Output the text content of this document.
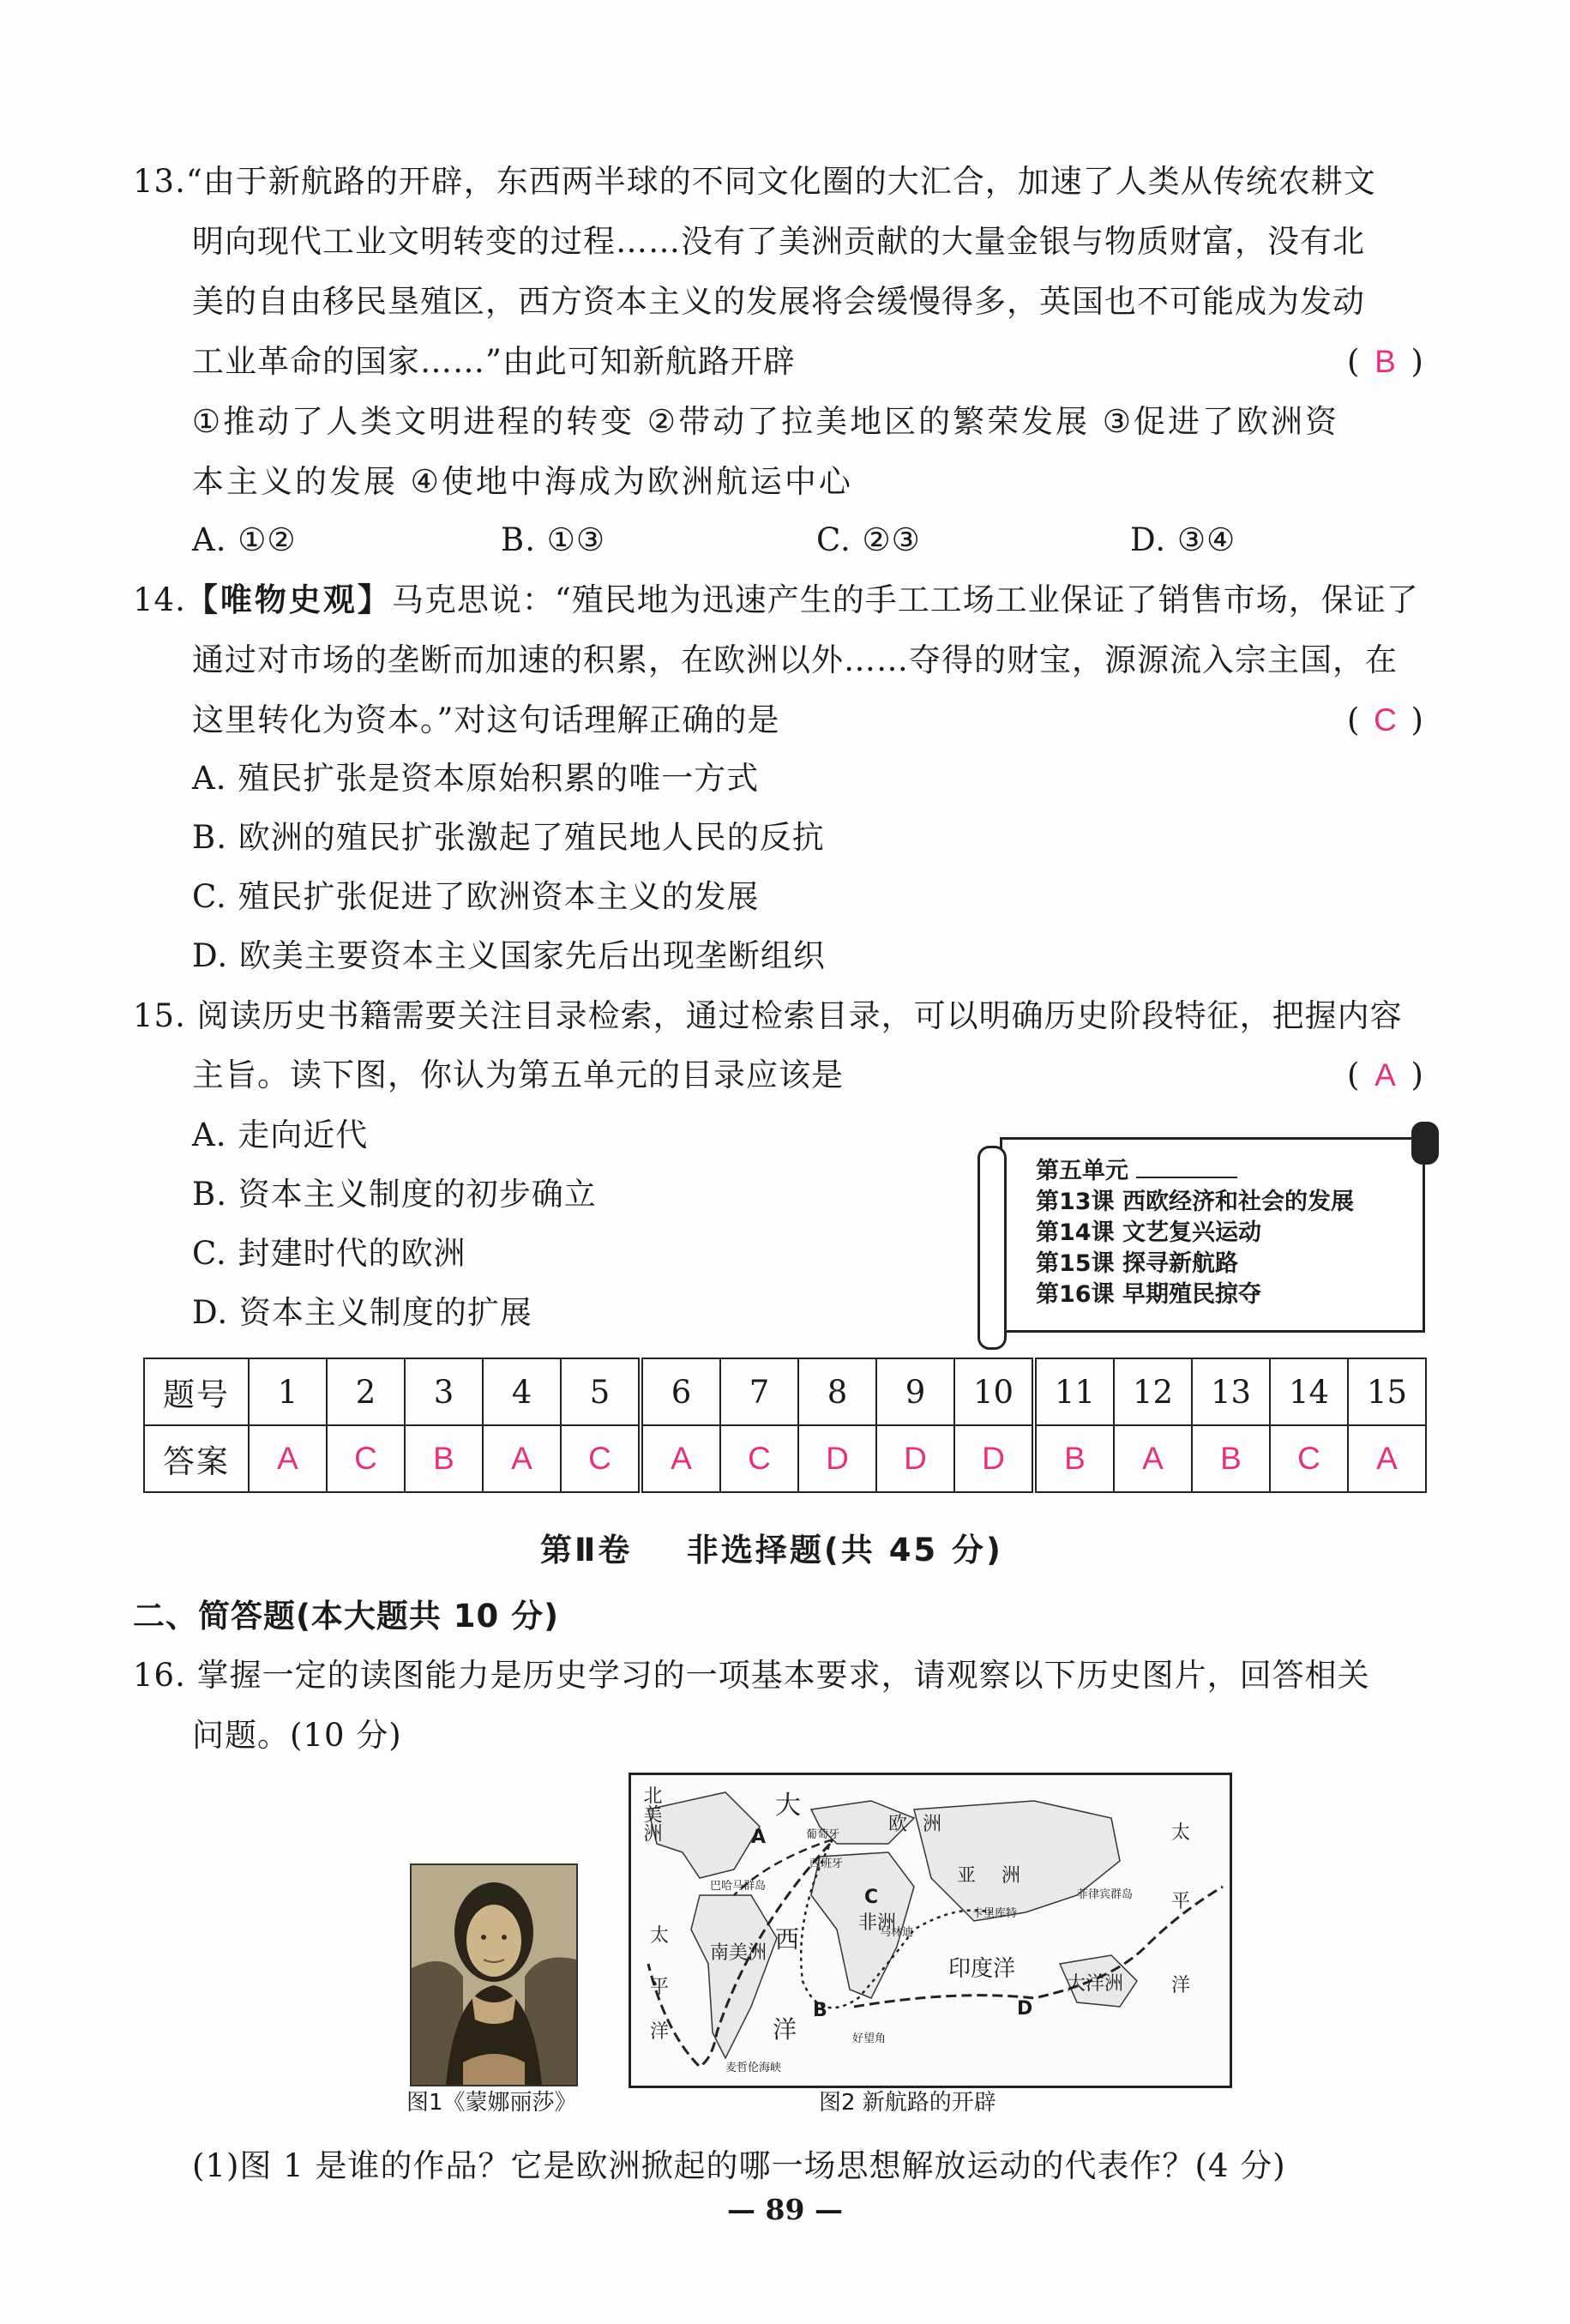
13.“由于新航路的开辟，东西两半球的不同文化圈的大汇合，加速了人类从传统农耕文
明向现代工业文明转变的过程……没有了美洲贡献的大量金银与物质财富，没有北
美的自由移民垦殖区，西方资本主义的发展将会缓慢得多，英国也不可能成为发动
工业革命的国家……”由此可知新航路开辟	( B )
①推动了人类文明进程的转变 ②带动了拉美地区的繁荣发展 ③促进了欧洲资
本主义的发展 ④使地中海成为欧洲航运中心
A. ①②	B. ①③	C. ②③	D. ③④
14.【唯物史观】马克思说：“殖民地为迅速产生的手工工场工业保证了销售市场，保证了
通过对市场的垄断而加速的积累，在欧洲以外……夺得的财宝，源源流入宗主国，在
这里转化为资本。”对这句话理解正确的是	( C )
A. 殖民扩张是资本原始积累的唯一方式
B. 欧洲的殖民扩张激起了殖民地人民的反抗
C. 殖民扩张促进了欧洲资本主义的发展
D. 欧美主要资本主义国家先后出现垄断组织
15. 阅读历史书籍需要关注目录检索，通过检索目录，可以明确历史阶段特征，把握内容
主旨。读下图，你认为第五单元的目录应该是	( A )
A. 走向近代
B. 资本主义制度的初步确立
C. 封建时代的欧洲
D. 资本主义制度的扩展
第五单元
第13课 西欧经济和社会的发展
第14课 文艺复兴运动
第15课 探寻新航路
第16课 早期殖民掠夺
题号	1	2	3	4	5	6	7	8	9	10	11	12	13	14	15
答案	A	C	B	A	C	A	C	D	D	D	B	A	B	C	A
第Ⅱ卷    非选择题(共 45 分)
二、简答题(本大题共 10 分)
16. 掌握一定的读图能力是历史学习的一项基本要求，请观察以下历史图片，回答相关
问题。(10 分)
图1《蒙娜丽莎》
北美洲	大
欧洲
亚洲
非洲
西
南美洲
洋
印度洋
大洋洲
太
平
洋
太
平
洋
A
B
C
D
葡萄牙
西班牙
巴哈马群岛
好望角
马林迪
卡里库特
菲律宾群岛
麦哲伦海峡
图2 新航路的开辟
(1)图 1 是谁的作品？它是欧洲掀起的哪一场思想解放运动的代表作？(4 分)
— 89 —
